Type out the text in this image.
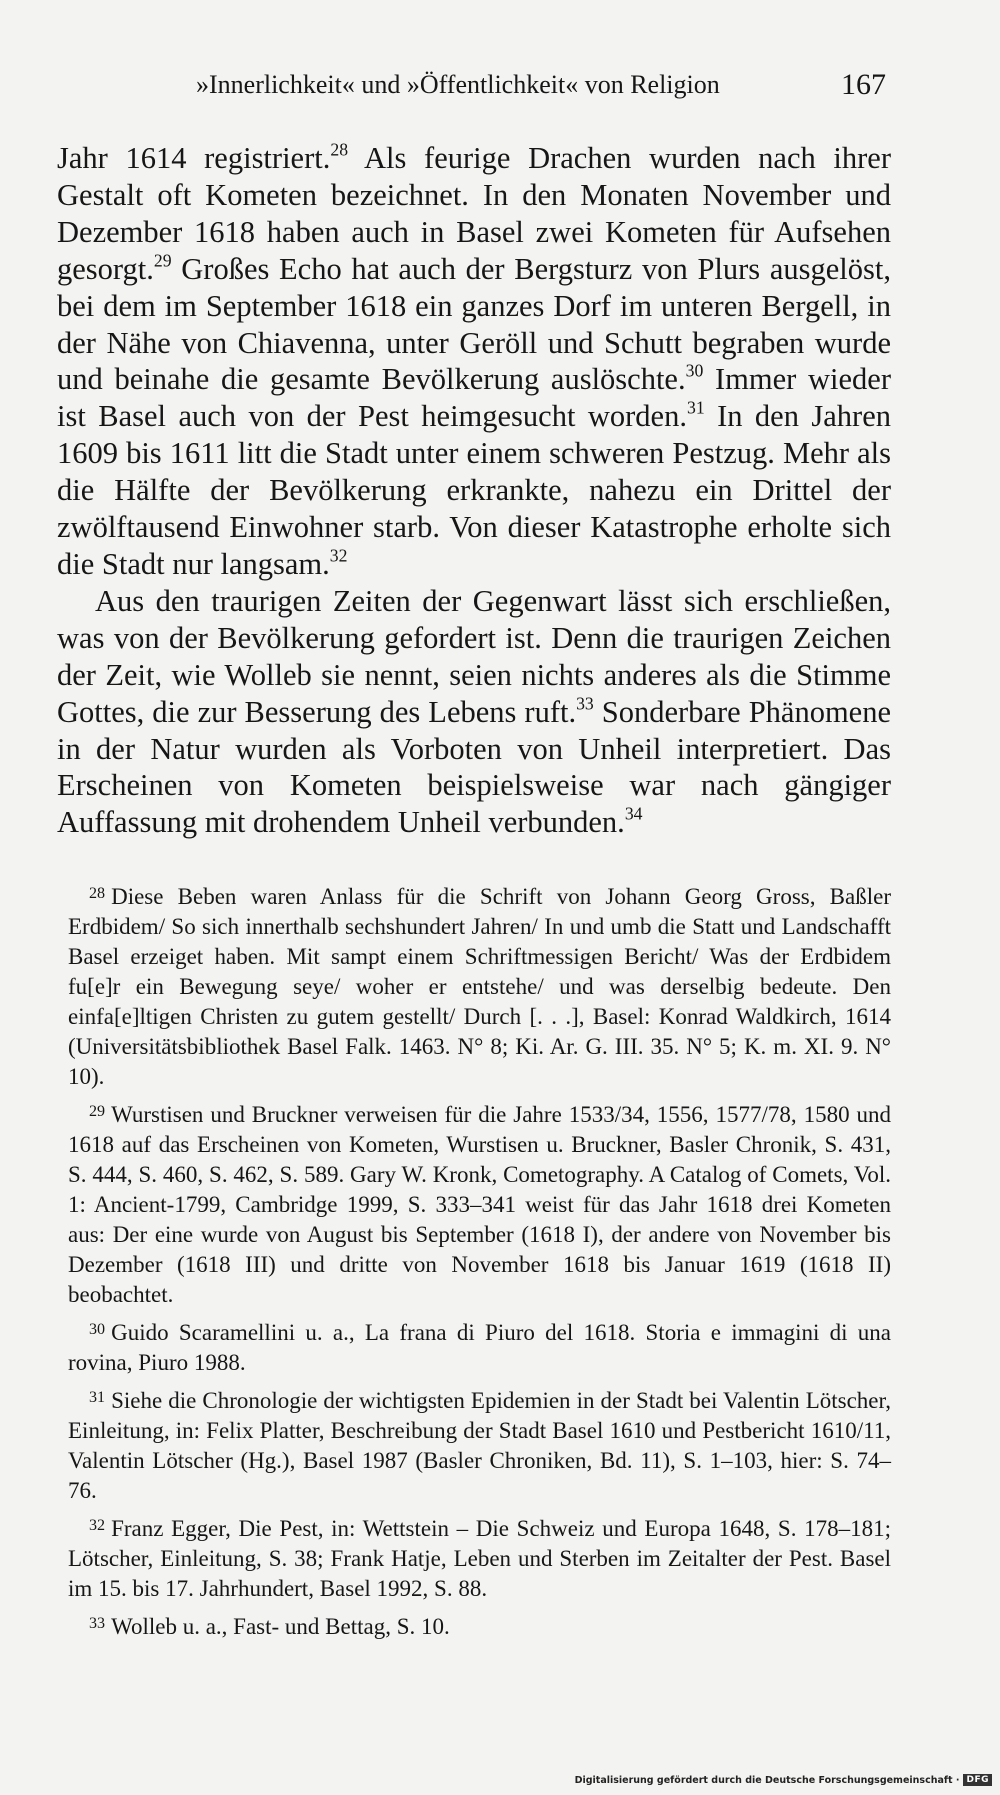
»Innerlichkeit« und »Öffentlichkeit« von Religion	167

Jahr 1614 registriert.$^{28}$ Als feurige Drachen wurden nach ihrer Gestalt oft Kometen bezeichnet. In den Monaten November und Dezember 1618 haben auch in Basel zwei Kometen für Aufsehen gesorgt.$^{29}$ Großes Echo hat auch der Bergsturz von Plurs ausgelöst, bei dem im September 1618 ein ganzes Dorf im unteren Bergell, in der Nähe von Chiavenna, unter Geröll und Schutt begraben wurde und beinahe die gesamte Bevölkerung auslöschte.$^{30}$ Immer wieder ist Basel auch von der Pest heimgesucht worden.$^{31}$ In den Jahren 1609 bis 1611 litt die Stadt unter einem schweren Pestzug. Mehr als die Hälfte der Bevölkerung erkrankte, nahezu ein Drittel der zwölftausend Einwohner starb. Von dieser Katastrophe erholte sich die Stadt nur langsam.$^{32}$

Aus den traurigen Zeiten der Gegenwart lässt sich erschließen, was von der Bevölkerung gefordert ist. Denn die traurigen Zeichen der Zeit, wie Wolleb sie nennt, seien nichts anderes als die Stimme Gottes, die zur Besserung des Lebens ruft.$^{33}$ Sonderbare Phänomene in der Natur wurden als Vorboten von Unheil interpretiert. Das Erscheinen von Kometen beispielsweise war nach gängiger Auffassung mit drohendem Unheil verbunden.$^{34}$

$^{28}$ Diese Beben waren Anlass für die Schrift von Johann Georg Gross, Baßler Erdbidem/ So sich innerthalb sechshundert Jahren/ In und umb die Statt und Landschafft Basel erzeiget haben. Mit sampt einem Schriftmessigen Bericht/ Was der Erdbidem fu[e]r ein Bewegung seye/ woher er entstehe/ und was derselbig bedeute. Den einfa[e]ltigen Christen zu gutem gestellt/ Durch [. . .], Basel: Konrad Waldkirch, 1614 (Universitätsbibliothek Basel Falk. 1463. N° 8; Ki. Ar. G. III. 35. N° 5; K. m. XI. 9. N° 10).

$^{29}$ Wurstisen und Bruckner verweisen für die Jahre 1533/34, 1556, 1577/78, 1580 und 1618 auf das Erscheinen von Kometen, Wurstisen u. Bruckner, Basler Chronik, S. 431, S. 444, S. 460, S. 462, S. 589. Gary W. Kronk, Cometography. A Catalog of Comets, Vol. 1: Ancient-1799, Cambridge 1999, S. 333–341 weist für das Jahr 1618 drei Kometen aus: Der eine wurde von August bis September (1618 I), der andere von November bis Dezember (1618 III) und dritte von November 1618 bis Januar 1619 (1618 II) beobachtet.

$^{30}$ Guido Scaramellini u. a., La frana di Piuro del 1618. Storia e immagini di una rovina, Piuro 1988.

$^{31}$ Siehe die Chronologie der wichtigsten Epidemien in der Stadt bei Valentin Lötscher, Einleitung, in: Felix Platter, Beschreibung der Stadt Basel 1610 und Pestbericht 1610/11, Valentin Lötscher (Hg.), Basel 1987 (Basler Chroniken, Bd. 11), S. 1–103, hier: S. 74–76.

$^{32}$ Franz Egger, Die Pest, in: Wettstein – Die Schweiz und Europa 1648, S. 178–181; Lötscher, Einleitung, S. 38; Frank Hatje, Leben und Sterben im Zeitalter der Pest. Basel im 15. bis 17. Jahrhundert, Basel 1992, S. 88.

$^{33}$ Wolleb u. a., Fast- und Bettag, S. 10.

Digitalisierung gefördert durch die Deutsche Forschungsgemeinschaft · DFG
